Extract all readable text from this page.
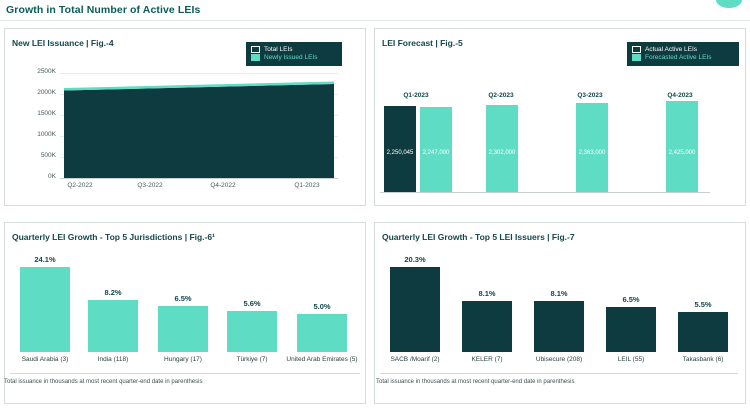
Growth in Total Number of Active LEIs
New LEI Issuance | Fig.-4
Total LEIs
Newly Issued LEIs
2500K
2000K
1500K
1000K
500K
0K
Q2-2022	Q3-2022	Q4-2022	Q1-2023
LEI Forecast | Fig.-5
Actual Active LEIs
Forecasted Active LEIs
Q1-2023	Q2-2023	Q3-2023	Q4-2023
2,250,045	2,247,000	2,302,000	2,363,000	2,425,000
Quarterly LEI Growth - Top 5 Jurisdictions | Fig.-6¹
24.1%
Saudi Arabia (3)
8.2%
India (118)
6.5%
Hungary (17)
5.6%
Türkiye (7)
5.0%
United Arab Emirates (5)
Total issuance in thousands at most recent quarter-end date in parenthesis
Quarterly LEI Growth - Top 5 LEI Issuers | Fig.-7
20.3%
SACB /Moarif (2)
8.1%
KELER (7)
8.1%
Ubisecure (208)
6.5%
LEIL (55)
5.5%
Takasbank (6)
Total issuance in thousands at most recent quarter-end date in parenthesis
